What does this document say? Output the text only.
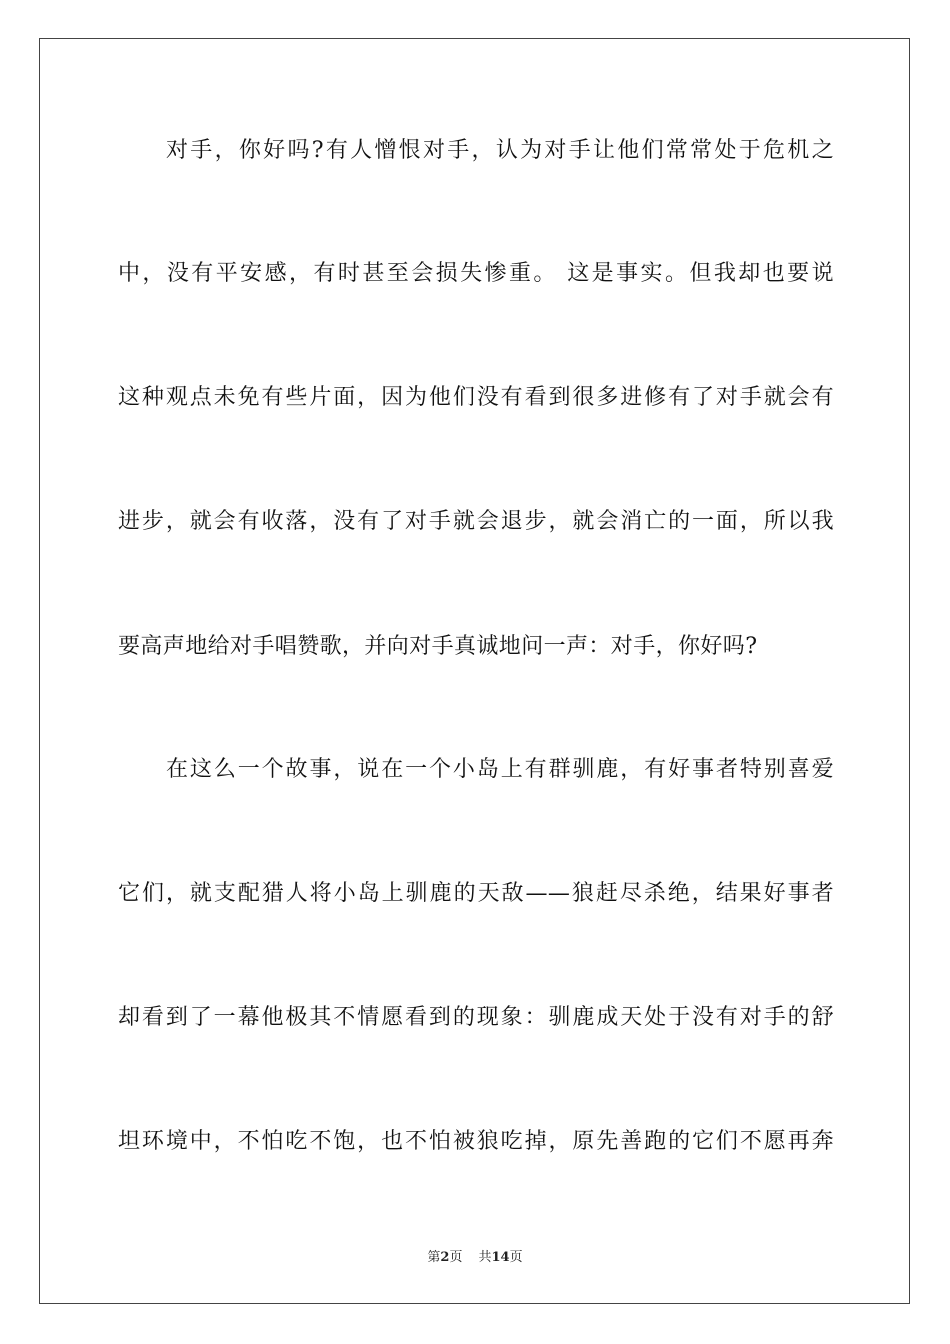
对手，你好吗?有人憎恨对手，认为对手让他们常常处于危机之
中，没有平安感，有时甚至会损失惨重。 这是事实。但我却也要说
这种观点未免有些片面，因为他们没有看到很多进修有了对手就会有
进步，就会有收落，没有了对手就会退步，就会消亡的一面，所以我
要高声地给对手唱赞歌，并向对手真诚地问一声：对手，你好吗?
在这么一个故事，说在一个小岛上有群驯鹿，有好事者特别喜爱
它们，就支配猎人将小岛上驯鹿的天敌——狼赶尽杀绝，结果好事者
却看到了一幕他极其不情愿看到的现象：驯鹿成天处于没有对手的舒
坦环境中，不怕吃不饱，也不怕被狼吃掉，原先善跑的它们不愿再奔
第2页 共14页
